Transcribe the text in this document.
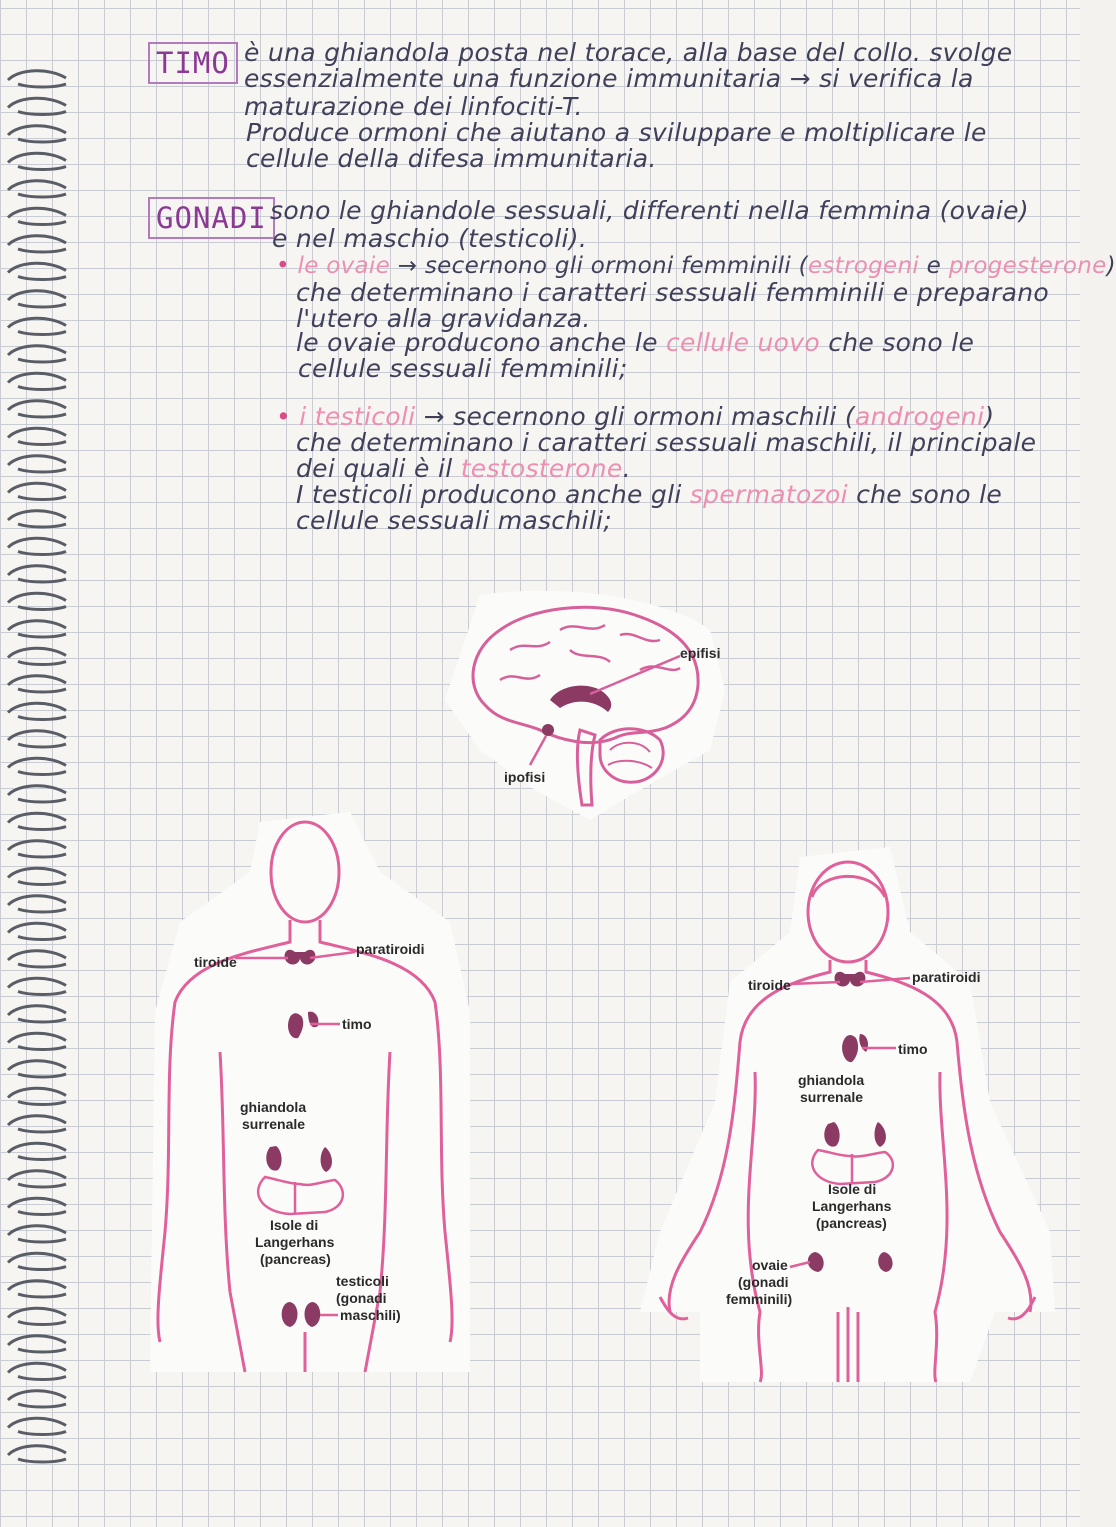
TIMO è una ghiandola posta nel torace, alla base del collo. svolge
essenzialmente una funzione immunitaria → si verifica la
maturazione dei linfociti-T.
Produce ormoni che aiutano a sviluppare e moltiplicare le
cellule della difesa immunitaria.
GONADI sono le ghiandole sessuali, differenti nella femmina (ovaie)
e nel maschio (testicoli).
• le ovaie → secernono gli ormoni femminili (estrogeni e progesterone)
che determinano i caratteri sessuali femminili e preparano
l'utero alla gravidanza.
le ovaie producono anche le cellule uovo che sono le
cellule sessuali femminili;
• i testicoli → secernono gli ormoni maschili (androgeni)
che determinano i caratteri sessuali maschili, il principale
dei quali è il testosterone.
I testicoli producono anche gli spermatozoi che sono le
cellule sessuali maschili;
epifisi
ipofisi
tiroide
paratiroidi
timo
ghiandola
surrenale
Isole di
Langerhans
(pancreas)
testicoli
(gonadi
maschili)
tiroide	paratiroidi
timo
ghiandola
surrenale
Isole di
Langerhans
(pancreas)
ovaie
(gonadi
femminili)
